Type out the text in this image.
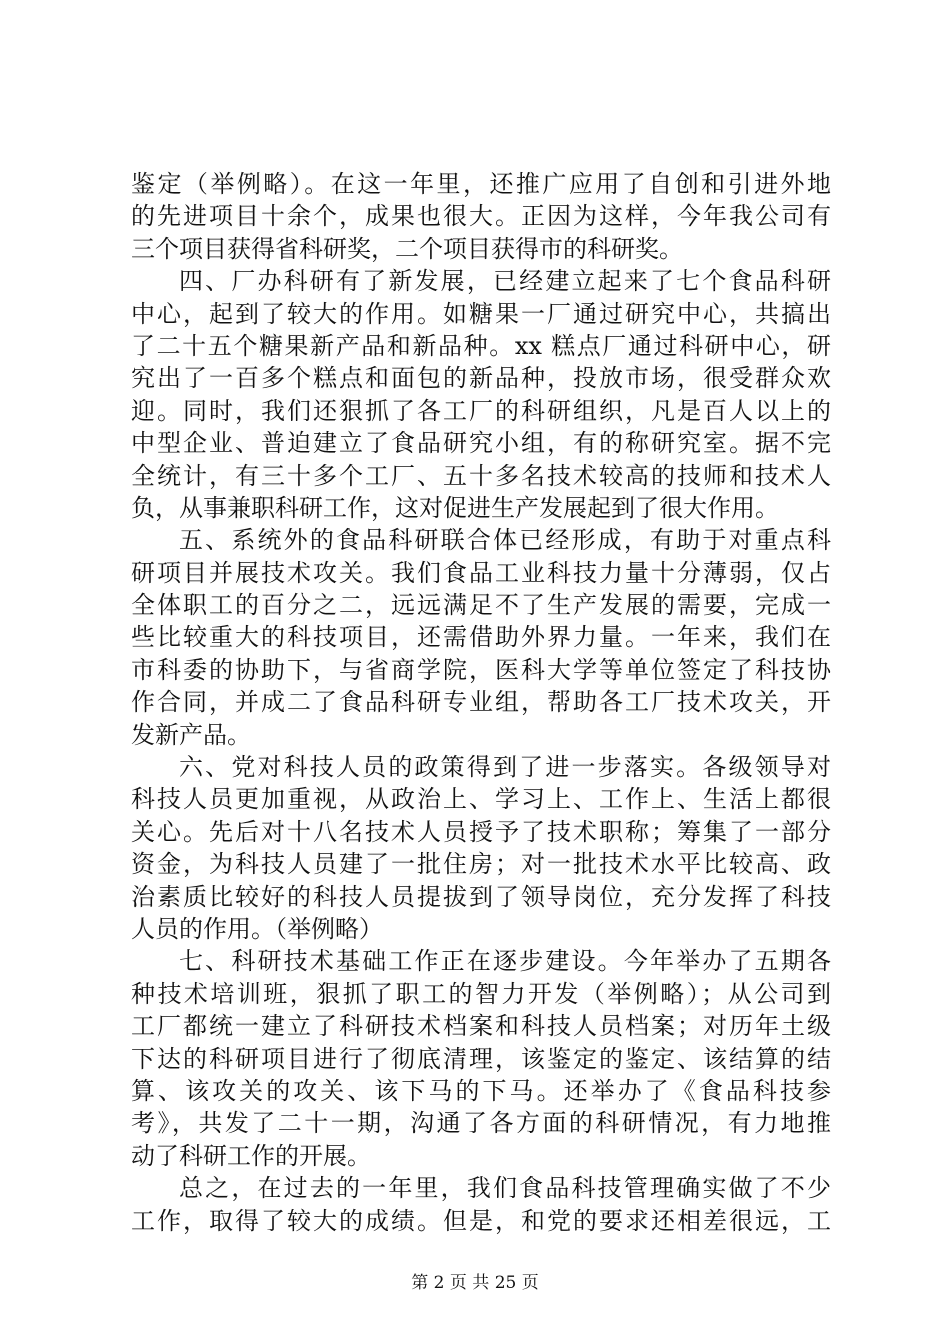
鉴定（举例略）。在这一年里，还推广应用了自创和引进外地
的先进项目十余个，成果也很大。正因为这样，今年我公司有
三个项目获得省科研奖，二个项目获得市的科研奖。
四、厂办科研有了新发展，已经建立起来了七个食品科研
中心，起到了较大的作用。如糖果一厂通过研究中心，共搞出
了二十五个糖果新产品和新品种。xx 糕点厂通过科研中心，研
究出了一百多个糕点和面包的新品种，投放市场，很受群众欢
迎。同时，我们还狠抓了各工厂的科研组织，凡是百人以上的
中型企业、普迫建立了食品研究小组，有的称研究室。据不完
全统计，有三十多个工厂、五十多名技术较高的技师和技术人
负，从事兼职科研工作，这对促进生产发展起到了很大作用。
五、系统外的食品科研联合体已经形成，有助于对重点科
研项目并展技术攻关。我们食品工业科技力量十分薄弱，仅占
全体职工的百分之二，远远满足不了生产发展的需要，完成一
些比较重大的科技项目，还需借助外界力量。一年来，我们在
市科委的协助下，与省商学院，医科大学等单位签定了科技协
作合同，并成二了食品科研专业组，帮助各工厂技术攻关，开
发新产品。
六、党对科技人员的政策得到了进一步落实。各级领导对
科技人员更加重视，从政治上、学习上、工作上、生活上都很
关心。先后对十八名技术人员授予了技术职称；筹集了一部分
资金，为科技人员建了一批住房；对一批技术水平比较高、政
治素质比较好的科技人员提拔到了领导岗位，充分发挥了科技
人员的作用。（举例略）
七、科研技术基础工作正在逐步建设。今年举办了五期各
种技术培训班，狠抓了职工的智力开发（举例略）；从公司到
工厂都统一建立了科研技术档案和科技人员档案；对历年土级
下达的科研项目进行了彻底清理，该鉴定的鉴定、该结算的结
算、该攻关的攻关、该下马的下马。还举办了《食品科技参
考》，共发了二十一期，沟通了各方面的科研情况，有力地推
动了科研工作的开展。
总之，在过去的一年里，我们食品科技管理确实做了不少
工作，取得了较大的成绩。但是，和党的要求还相差很远，工
第 2 页 共 25 页
